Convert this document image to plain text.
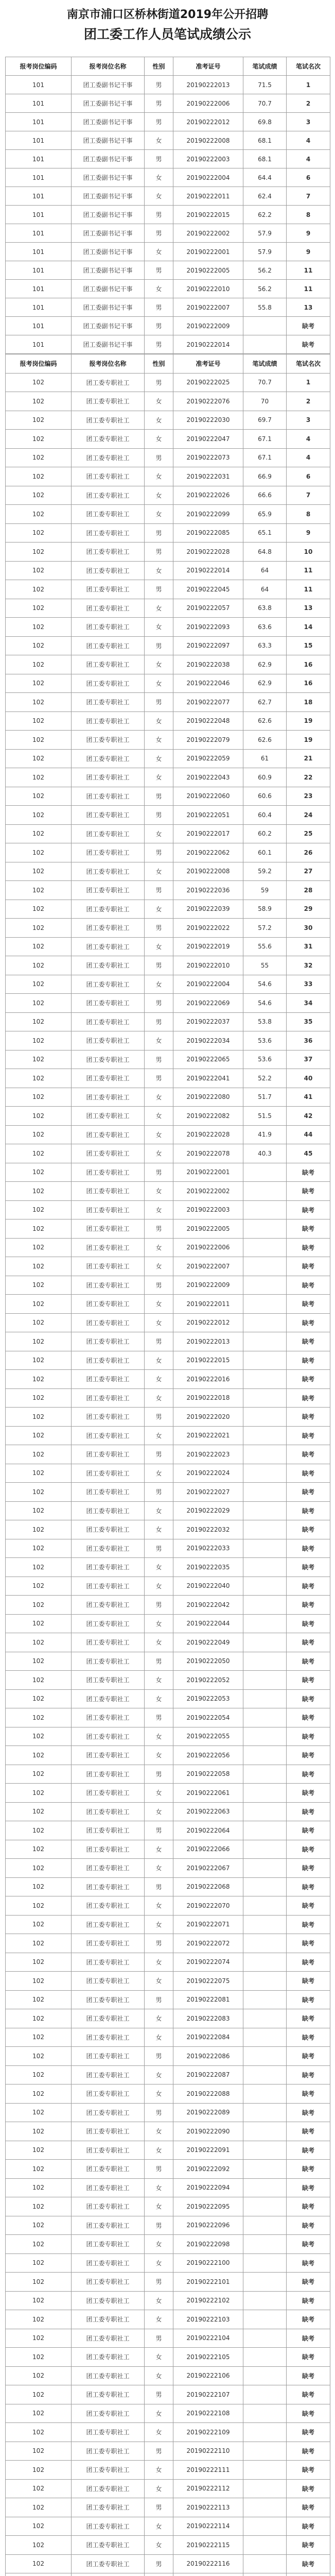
南京市浦口区桥林街道2019年公开招聘
团工委工作人员笔试成绩公示
报考岗位编码	报考岗位名称	性别	准考证号	笔试成绩	笔试名次
101	团工委副书记干事	男	20190222013	71.5	1
101	团工委副书记干事	男	20190222006	70.7	2
101	团工委副书记干事	男	20190222012	69.8	3
101	团工委副书记干事	女	20190222008	68.1	4
101	团工委副书记干事	男	20190222003	68.1	4
101	团工委副书记干事	女	20190222004	64.4	6
101	团工委副书记干事	女	20190222011	62.4	7
101	团工委副书记干事	男	20190222015	62.2	8
101	团工委副书记干事	男	20190222002	57.9	9
101	团工委副书记干事	女	20190222001	57.9	9
101	团工委副书记干事	男	20190222005	56.2	11
101	团工委副书记干事	女	20190222010	56.2	11
101	团工委副书记干事	男	20190222007	55.8	13
101	团工委副书记干事	男	20190222009		缺考
101	团工委副书记干事	男	20190222014		缺考
报考岗位编码	报考岗位名称	性别	准考证号	笔试成绩	笔试名次
102	团工委专职社工	男	20190222025	70.7	1
102	团工委专职社工	女	20190222076	70	2
102	团工委专职社工	女	20190222030	69.7	3
102	团工委专职社工	女	20190222047	67.1	4
102	团工委专职社工	男	20190222073	67.1	4
102	团工委专职社工	女	20190222031	66.9	6
102	团工委专职社工	女	20190222026	66.6	7
102	团工委专职社工	女	20190222099	65.9	8
102	团工委专职社工	男	20190222085	65.1	9
102	团工委专职社工	男	20190222028	64.8	10
102	团工委专职社工	女	20190222014	64	11
102	团工委专职社工	男	20190222045	64	11
102	团工委专职社工	女	20190222057	63.8	13
102	团工委专职社工	女	20190222093	63.6	14
102	团工委专职社工	男	20190222097	63.3	15
102	团工委专职社工	女	20190222038	62.9	16
102	团工委专职社工	女	20190222046	62.9	16
102	团工委专职社工	男	20190222077	62.7	18
102	团工委专职社工	女	20190222048	62.6	19
102	团工委专职社工	女	20190222079	62.6	19
102	团工委专职社工	女	20190222059	61	21
102	团工委专职社工	女	20190222043	60.9	22
102	团工委专职社工	男	20190222060	60.6	23
102	团工委专职社工	男	20190222051	60.4	24
102	团工委专职社工	女	20190222017	60.2	25
102	团工委专职社工	男	20190222062	60.1	26
102	团工委专职社工	女	20190222008	59.2	27
102	团工委专职社工	男	20190222036	59	28
102	团工委专职社工	女	20190222039	58.9	29
102	团工委专职社工	男	20190222022	57.2	30
102	团工委专职社工	女	20190222019	55.6	31
102	团工委专职社工	男	20190222010	55	32
102	团工委专职社工	女	20190222004	54.6	33
102	团工委专职社工	男	20190222069	54.6	34
102	团工委专职社工	男	20190222037	53.8	35
102	团工委专职社工	女	20190222034	53.6	36
102	团工委专职社工	男	20190222065	53.6	37
102	团工委专职社工	男	20190222041	52.2	40
102	团工委专职社工	女	20190222080	51.7	41
102	团工委专职社工	女	20190222082	51.5	42
102	团工委专职社工	女	20190222028	41.9	44
102	团工委专职社工	女	20190222078	40.3	45
102	团工委专职社工	男	20190222001		缺考
102	团工委专职社工	女	20190222002		缺考
102	团工委专职社工	女	20190222003		缺考
102	团工委专职社工	男	20190222005		缺考
102	团工委专职社工	女	20190222006		缺考
102	团工委专职社工	女	20190222007		缺考
102	团工委专职社工	男	20190222009		缺考
102	团工委专职社工	女	20190222011		缺考
102	团工委专职社工	女	20190222012		缺考
102	团工委专职社工	男	20190222013		缺考
102	团工委专职社工	女	20190222015		缺考
102	团工委专职社工	女	20190222016		缺考
102	团工委专职社工	女	20190222018		缺考
102	团工委专职社工	男	20190222020		缺考
102	团工委专职社工	女	20190222021		缺考
102	团工委专职社工	男	20190222023		缺考
102	团工委专职社工	女	20190222024		缺考
102	团工委专职社工	男	20190222027		缺考
102	团工委专职社工	女	20190222029		缺考
102	团工委专职社工	女	20190222032		缺考
102	团工委专职社工	男	20190222033		缺考
102	团工委专职社工	女	20190222035		缺考
102	团工委专职社工	女	20190222040		缺考
102	团工委专职社工	男	20190222042		缺考
102	团工委专职社工	女	20190222044		缺考
102	团工委专职社工	女	20190222049		缺考
102	团工委专职社工	男	20190222050		缺考
102	团工委专职社工	女	20190222052		缺考
102	团工委专职社工	女	20190222053		缺考
102	团工委专职社工	男	20190222054		缺考
102	团工委专职社工	女	20190222055		缺考
102	团工委专职社工	女	20190222056		缺考
102	团工委专职社工	男	20190222058		缺考
102	团工委专职社工	女	20190222061		缺考
102	团工委专职社工	女	20190222063		缺考
102	团工委专职社工	男	20190222064		缺考
102	团工委专职社工	女	20190222066		缺考
102	团工委专职社工	女	20190222067		缺考
102	团工委专职社工	男	20190222068		缺考
102	团工委专职社工	女	20190222070		缺考
102	团工委专职社工	女	20190222071		缺考
102	团工委专职社工	男	20190222072		缺考
102	团工委专职社工	女	20190222074		缺考
102	团工委专职社工	女	20190222075		缺考
102	团工委专职社工	男	20190222081		缺考
102	团工委专职社工	女	20190222083		缺考
102	团工委专职社工	女	20190222084		缺考
102	团工委专职社工	男	20190222086		缺考
102	团工委专职社工	女	20190222087		缺考
102	团工委专职社工	女	20190222088		缺考
102	团工委专职社工	男	20190222089		缺考
102	团工委专职社工	女	20190222090		缺考
102	团工委专职社工	女	20190222091		缺考
102	团工委专职社工	男	20190222092		缺考
102	团工委专职社工	女	20190222094		缺考
102	团工委专职社工	女	20190222095		缺考
102	团工委专职社工	男	20190222096		缺考
102	团工委专职社工	女	20190222098		缺考
102	团工委专职社工	女	20190222100		缺考
102	团工委专职社工	男	20190222101		缺考
102	团工委专职社工	女	20190222102		缺考
102	团工委专职社工	女	20190222103		缺考
102	团工委专职社工	男	20190222104		缺考
102	团工委专职社工	女	20190222105		缺考
102	团工委专职社工	女	20190222106		缺考
102	团工委专职社工	男	20190222107		缺考
102	团工委专职社工	女	20190222108		缺考
102	团工委专职社工	女	20190222109		缺考
102	团工委专职社工	男	20190222110		缺考
102	团工委专职社工	女	20190222111		缺考
102	团工委专职社工	女	20190222112		缺考
102	团工委专职社工	男	20190222113		缺考
102	团工委专职社工	女	20190222114		缺考
102	团工委专职社工	女	20190222115		缺考
102	团工委专职社工	男	20190222116		缺考
